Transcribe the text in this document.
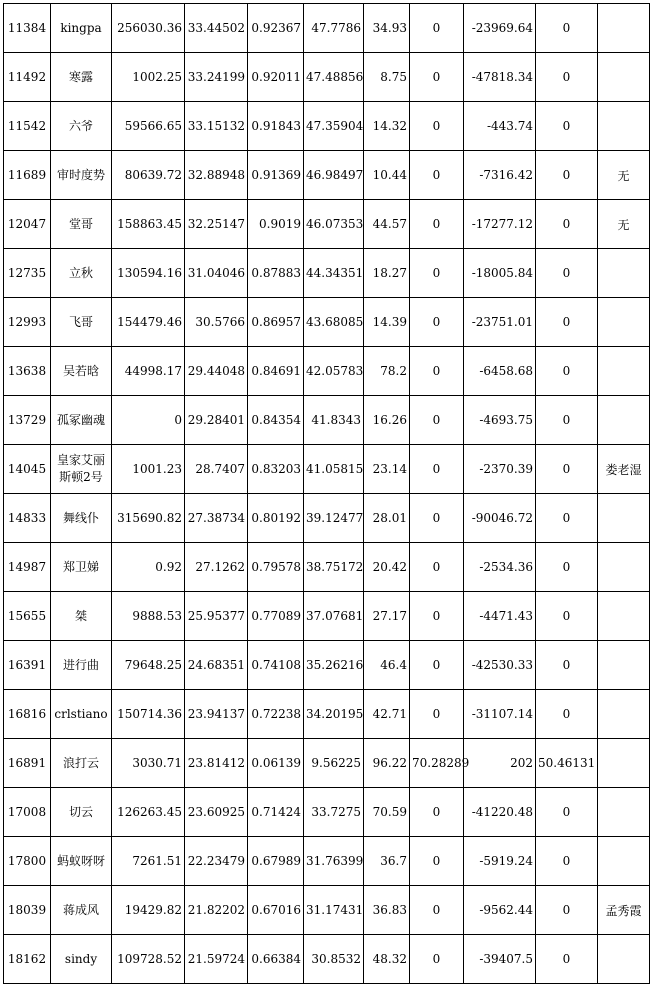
11384	kingpa	256030.36	33.44502	0.92367	47.7786	34.93	0	-23969.64	0	
11492	寒露	1002.25	33.24199	0.92011	47.48856	8.75	0	-47818.34	0	
11542	六爷	59566.65	33.15132	0.91843	47.35904	14.32	0	-443.74	0	
11689	审时度势	80639.72	32.88948	0.91369	46.98497	10.44	0	-7316.42	0	无
12047	堂哥	158863.45	32.25147	0.9019	46.07353	44.57	0	-17277.12	0	无
12735	立秋	130594.16	31.04046	0.87883	44.34351	18.27	0	-18005.84	0	
12993	飞哥	154479.46	30.5766	0.86957	43.68085	14.39	0	-23751.01	0	
13638	吴若晗	44998.17	29.44048	0.84691	42.05783	78.2	0	-6458.68	0	
13729	孤冢幽魂	0	29.28401	0.84354	41.8343	16.26	0	-4693.75	0	
14045	皇家艾丽斯顿2号	1001.23	28.7407	0.83203	41.05815	23.14	0	-2370.39	0	娄老湿
14833	舞线仆	315690.82	27.38734	0.80192	39.12477	28.01	0	-90046.72	0	
14987	郑卫娣	0.92	27.1262	0.79578	38.75172	20.42	0	-2534.36	0	
15655	桀	9888.53	25.95377	0.77089	37.07681	27.17	0	-4471.43	0	
16391	进行曲	79648.25	24.68351	0.74108	35.26216	46.4	0	-42530.33	0	
16816	crlstiano	150714.36	23.94137	0.72238	34.20195	42.71	0	-31107.14	0	
16891	浪打云	3030.71	23.81412	0.06139	9.56225	96.22	70.28289	202	50.46131	
17008	切云	126263.45	23.60925	0.71424	33.7275	70.59	0	-41220.48	0	
17800	蚂蚁呀呀	7261.51	22.23479	0.67989	31.76399	36.7	0	-5919.24	0	
18039	蒋成风	19429.82	21.82202	0.67016	31.17431	36.83	0	-9562.44	0	孟秀霞
18162	sindy	109728.52	21.59724	0.66384	30.8532	48.32	0	-39407.5	0	
